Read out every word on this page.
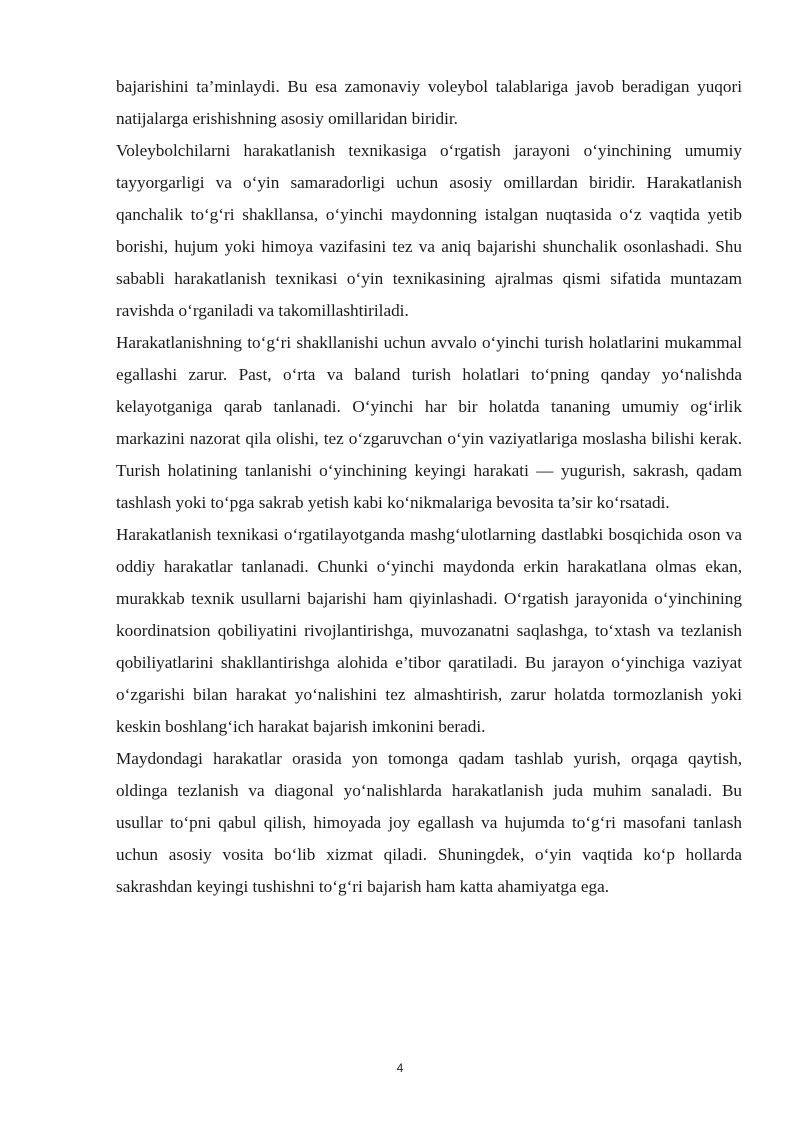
bajarishini ta’minlaydi. Bu esa zamonaviy voleybol talablariga javob beradigan yuqori natijalarga erishishning asosiy omillaridan biridir.

Voleybolchilarni harakatlanish texnikasiga o‘rgatish jarayoni o‘yinchining umumiy tayyorgarligi va o‘yin samaradorligi uchun asosiy omillardan biridir. Harakatlanish qanchalik to‘g‘ri shakllansa, o‘yinchi maydonning istalgan nuqtasida o‘z vaqtida yetib borishi, hujum yoki himoya vazifasini tez va aniq bajarishi shunchalik osonlashadi. Shu sababli harakatlanish texnikasi o‘yin texnikasining ajralmas qismi sifatida muntazam ravishda o‘rganiladi va takomillashtiriladi.

Harakatlanishning to‘g‘ri shakllanishi uchun avvalo o‘yinchi turish holatlarini mukammal egallashi zarur. Past, o‘rta va baland turish holatlari to‘pning qanday yo‘nalishda kelayotganiga qarab tanlanadi. O‘yinchi har bir holatda tananing umumiy og‘irlik markazini nazorat qila olishi, tez o‘zgaruvchan o‘yin vaziyatlariga moslasha bilishi kerak. Turish holatining tanlanishi o‘yinchining keyingi harakati — yugurish, sakrash, qadam tashlash yoki to‘pga sakrab yetish kabi ko‘nikmalariga bevosita ta’sir ko‘rsatadi.

Harakatlanish texnikasi o‘rgatilayotganda mashg‘ulotlarning dastlabki bosqichida oson va oddiy harakatlar tanlanadi. Chunki o‘yinchi maydonda erkin harakatlana olmas ekan, murakkab texnik usullarni bajarishi ham qiyinlashadi. O‘rgatish jarayonida o‘yinchining koordinatsion qobiliyatini rivojlantirishga, muvozanatni saqlashga, to‘xtash va tezlanish qobiliyatlarini shakllantirishga alohida e’tibor qaratiladi. Bu jarayon o‘yinchiga vaziyat o‘zgarishi bilan harakat yo‘nalishini tez almashtirish, zarur holatda tormozlanish yoki keskin boshlang‘ich harakat bajarish imkonini beradi.

Maydondagi harakatlar orasida yon tomonga qadam tashlab yurish, orqaga qaytish, oldinga tezlanish va diagonal yo‘nalishlarda harakatlanish juda muhim sanaladi. Bu usullar to‘pni qabul qilish, himoyada joy egallash va hujumda to‘g‘ri masofani tanlash uchun asosiy vosita bo‘lib xizmat qiladi. Shuningdek, o‘yin vaqtida ko‘p hollarda sakrashdan keyingi tushishni to‘g‘ri bajarish ham katta ahamiyatga ega.

4
